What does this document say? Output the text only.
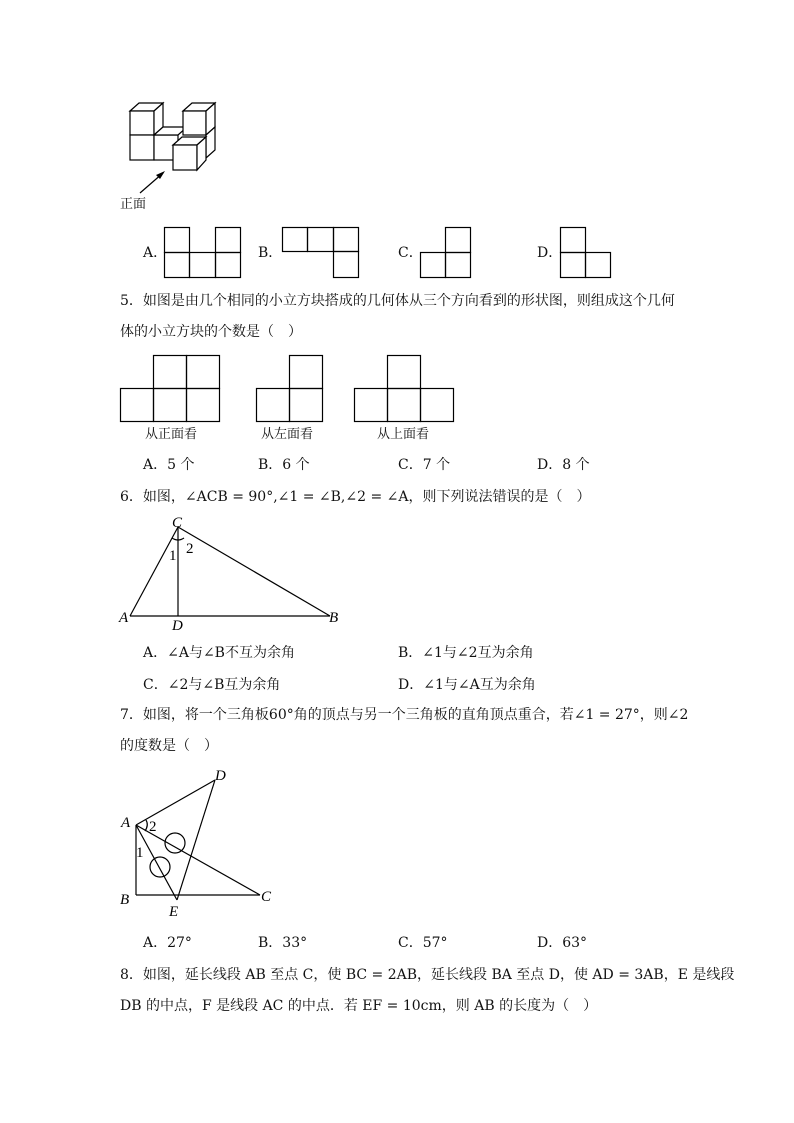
正面
A．	B．	C．	D．
5．如图是由几个相同的小立方块搭成的几何体从三个方向看到的形状图，则组成这个几何
体的小立方块的个数是（　）
从正面看	从左面看	从上面看
A．5 个	B．6 个	C．7 个	D．8 个
6．如图，∠ACB = 90°,∠1 = ∠B,∠2 = ∠A，则下列说法错误的是（　）
C
A	B
D
1 2
A．∠A与∠B不互为余角	B．∠1与∠2互为余角
C．∠2与∠B互为余角	D．∠1与∠A互为余角
7．如图，将一个三角板60°角的顶点与另一个三角板的直角顶点重合，若∠1 = 27°，则∠2
的度数是（　）
A
B	C
D
E
1
2
A．27°	B．33°	C．57°	D．63°
8．如图，延长线段 AB 至点 C，使 BC = 2AB，延长线段 BA 至点 D，使 AD = 3AB，E 是线段
DB 的中点，F 是线段 AC 的中点．若 EF = 10cm，则 AB 的长度为（　）
